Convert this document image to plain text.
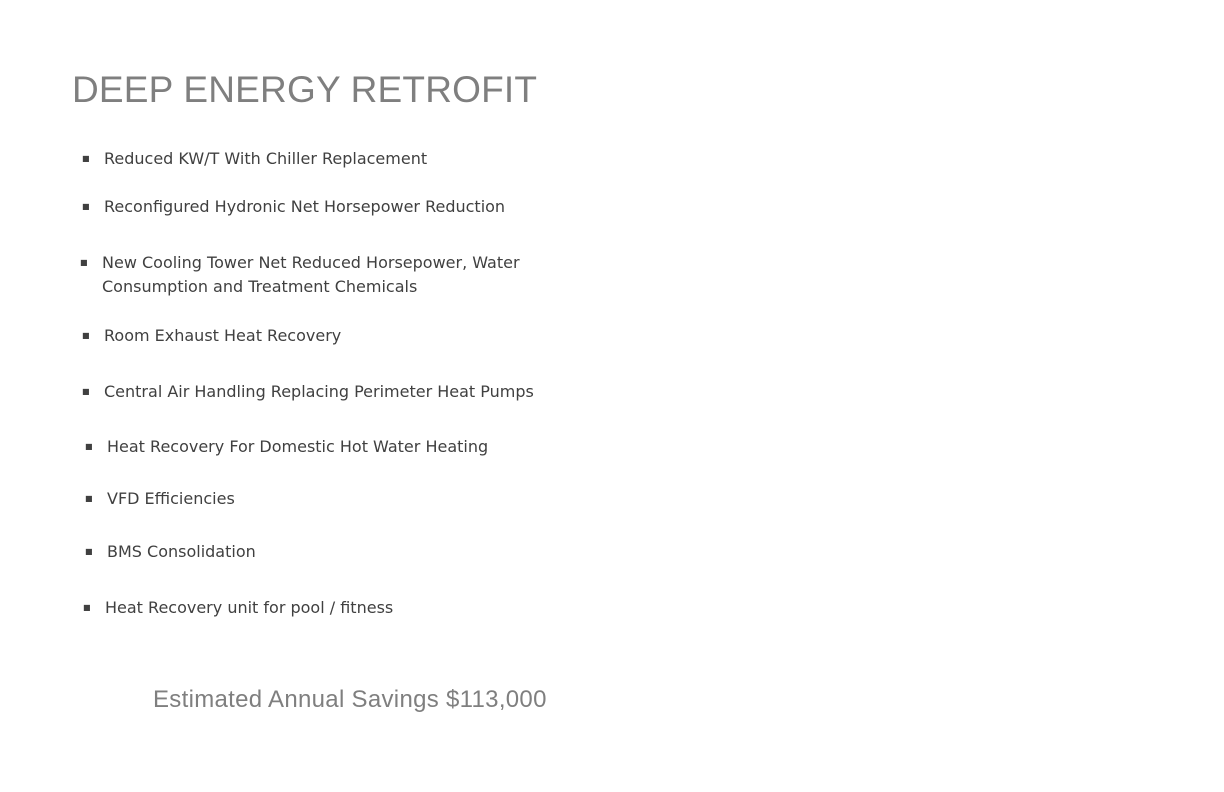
DEEP ENERGY RETROFIT
■ Reduced KW/T With Chiller Replacement
■ Reconfigured Hydronic Net Horsepower Reduction
■ New Cooling Tower Net Reduced Horsepower, Water
Consumption and Treatment Chemicals
■ Room Exhaust Heat Recovery
■ Central Air Handling Replacing Perimeter Heat Pumps
■ Heat Recovery For Domestic Hot Water Heating
■ VFD Efficiencies
■ BMS Consolidation
■ Heat Recovery unit for pool / fitness
Estimated Annual Savings $113,000
